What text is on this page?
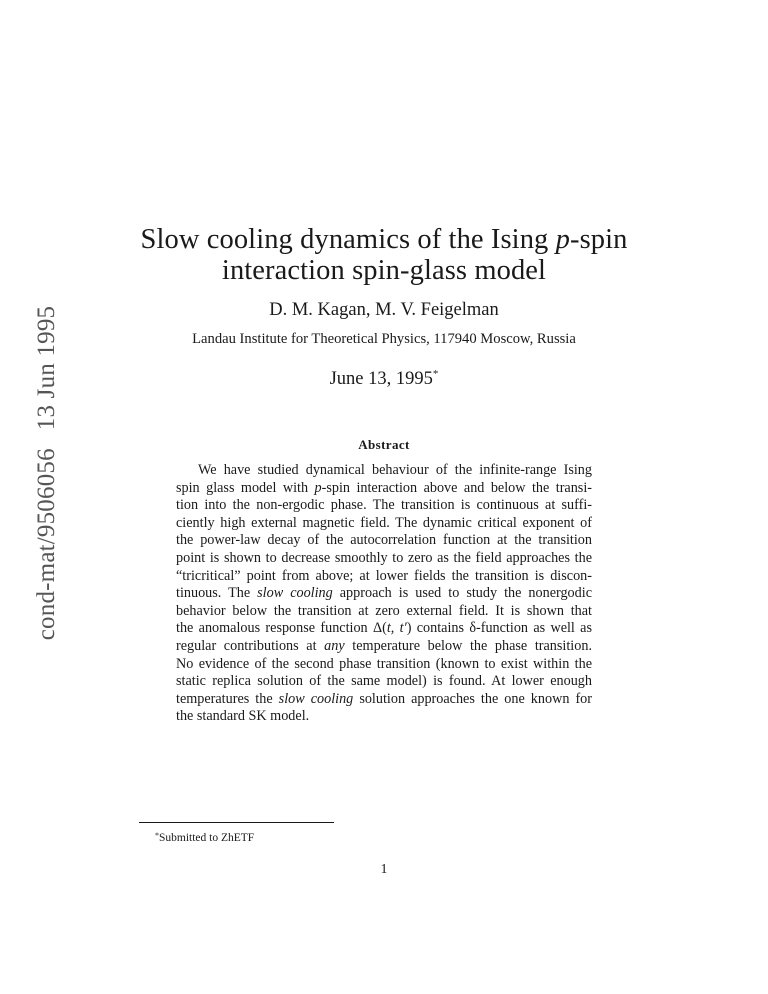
cond-mat/950605613 Jun 1995
Slow cooling dynamics of the Ising p-spin
interaction spin-glass model
D. M. Kagan, M. V. Feigelman
Landau Institute for Theoretical Physics, 117940 Moscow, Russia
June 13, 1995*
Abstract
We have studied dynamical behaviour of the infinite-range Ising
spin glass model with p-spin interaction above and below the transi-
tion into the non-ergodic phase. The transition is continuous at suffi-
ciently high external magnetic field. The dynamic critical exponent of
the power-law decay of the autocorrelation function at the transition
point is shown to decrease smoothly to zero as the field approaches the
“tricritical” point from above; at lower fields the transition is discon-
tinuous. The slow cooling approach is used to study the nonergodic
behavior below the transition at zero external field. It is shown that
the anomalous response function Δ(t, t′) contains δ-function as well as
regular contributions at any temperature below the phase transition.
No evidence of the second phase transition (known to exist within the
static replica solution of the same model) is found. At lower enough
temperatures the slow cooling solution approaches the one known for
the standard SK model.
*Submitted to ZhETF
1
